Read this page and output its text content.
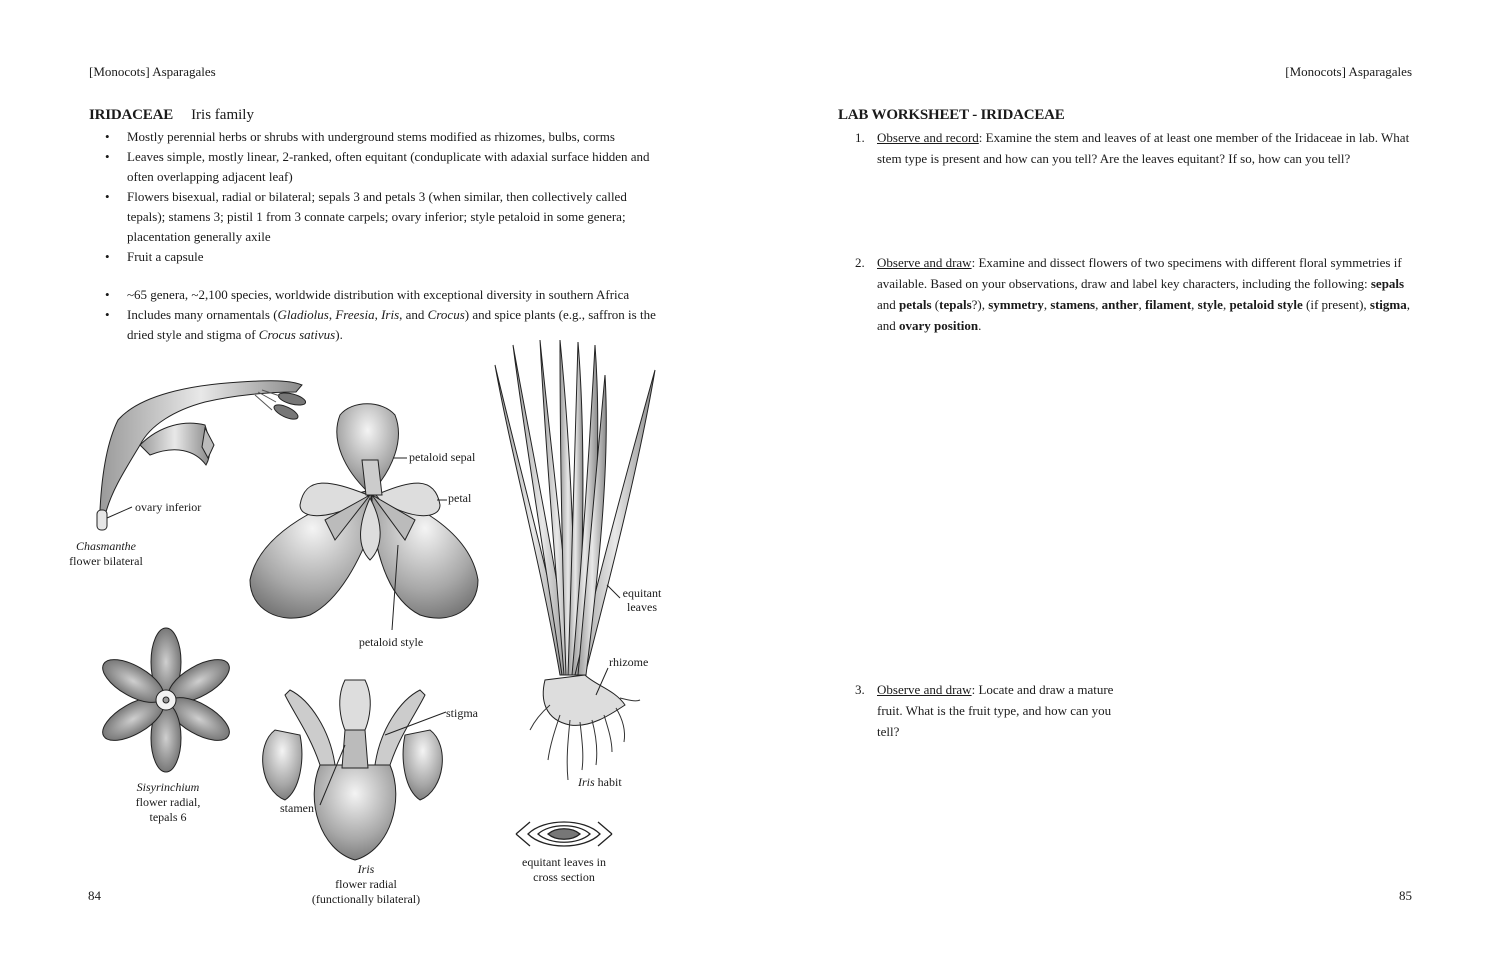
[Monocots] Asparagales
IRIDACEAE Iris family
• Mostly perennial herbs or shrubs with underground stems modified as rhizomes, bulbs, corms
• Leaves simple, mostly linear, 2-ranked, often equitant (conduplicate with adaxial surface hidden and often overlapping adjacent leaf)
• Flowers bisexual, radial or bilateral; sepals 3 and petals 3 (when similar, then collectively called tepals); stamens 3; pistil 1 from 3 connate carpels; ovary inferior; style petaloid in some genera; placentation generally axile
• Fruit a capsule
• ~65 genera, ~2,100 species, worldwide distribution with exceptional diversity in southern Africa
• Includes many ornamentals (Gladiolus, Freesia, Iris, and Crocus) and spice plants (e.g., saffron is the dried style and stigma of Crocus sativus).
ovary inferior
Chasmanthe
flower bilateral
petaloid sepal
petal
petaloid style
Sisyrinchium
flower radial,
tepals 6
stigma
stamen
Iris
flower radial
(functionally bilateral)
equitant
leaves
rhizome
Iris habit
equitant leaves in
cross section
84
[Monocots] Asparagales
LAB WORKSHEET - IRIDACEAE
1. Observe and record: Examine the stem and leaves of at least one member of the Iridaceae in lab. What stem type is present and how can you tell? Are the leaves equitant? If so, how can you tell?
2. Observe and draw: Examine and dissect flowers of two specimens with different floral symmetries if available. Based on your observations, draw and label key characters, including the following: sepals and petals (tepals?), symmetry, stamens, anther, filament, style, petaloid style (if present), stigma, and ovary position.
3. Observe and draw: Locate and draw a mature fruit. What is the fruit type, and how can you tell?
85
